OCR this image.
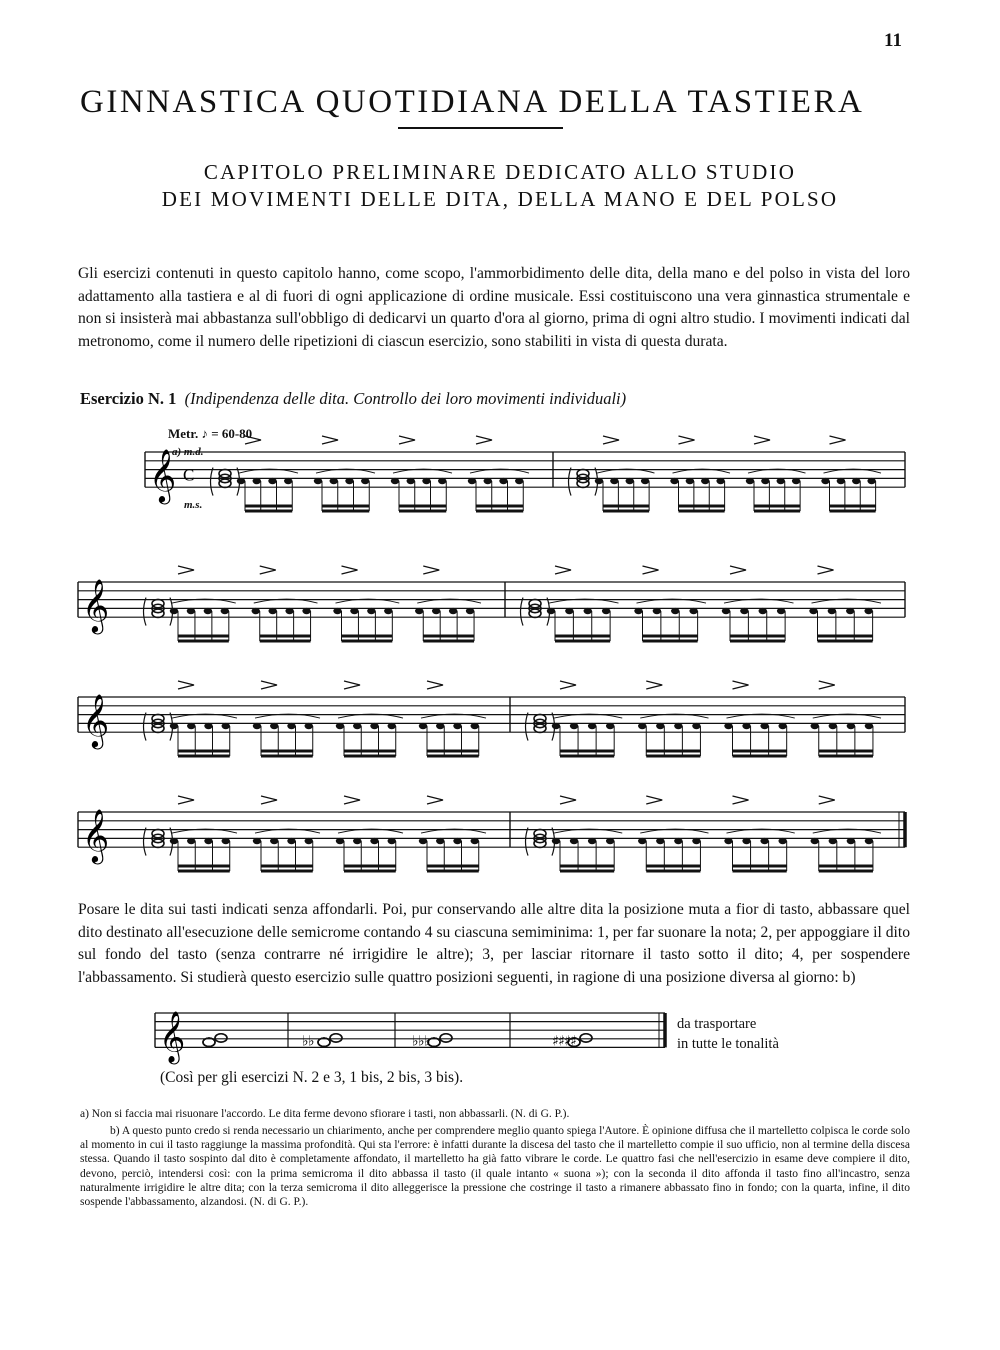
11
GINNASTICA QUOTIDIANA DELLA TASTIERA
CAPITOLO PRELIMINARE DEDICATO ALLO STUDIO
DEI MOVIMENTI DELLE DITA, DELLA MANO E DEL POLSO

Gli esercizi contenuti in questo capitolo hanno, come scopo, l'ammorbidimento delle dita, della mano e del polso in vista del loro adattamento alla tastiera e al di fuori di ogni applicazione di ordine musicale. Essi costituiscono una vera ginnastica strumentale e non si insisterà mai abbastanza sull'obbligo di dedicarvi un quarto d'ora al giorno, prima di ogni altro studio. I movimenti indicati dal metronomo, come il numero delle ripetizioni di ciascun esercizio, sono stabiliti in vista di questa durata.

Esercizio N. 1 (Indipendenza delle dita. Controllo dei loro movimenti individuali)
Metr. ♪ = 60-80
a) m.d.
m.s.
𝄞 C
𝄞
𝄞
𝄞
𝄞	♭ ♭	♭ ♭ ♭	♯ ♯ ♯ ♯

Posare le dita sui tasti indicati senza affondarli. Poi, pur conservando alle altre dita la posizione muta a fior di tasto, abbassare quel dito destinato all'esecuzione delle semicrome contando 4 su ciascuna semiminima: 1, per far suonare la nota; 2, per appoggiare il dito sul fondo del tasto (senza contrarre né irrigidire le altre); 3, per lasciar ritornare il tasto sotto il dito; 4, per sospendere l'abbassamento. Si studierà questo esercizio sulle quattro posizioni seguenti, in ragione di una posizione diversa al giorno: b)

da trasportare
in tutte le tonalità
(Così per gli esercizi N. 2 e 3, 1 bis, 2 bis, 3 bis).

a) Non si faccia mai risuonare l'accordo. Le dita ferme devono sfiorare i tasti, non abbassarli. (N. di G. P.).

b) A questo punto credo si renda necessario un chiarimento, anche per comprendere meglio quanto spiega l'Autore. È opinione diffusa che il martelletto colpisca le corde solo al momento in cui il tasto raggiunge la massima profondità. Qui sta l'errore: è infatti durante la discesa del tasto che il martelletto compie il suo ufficio, non al termine della discesa stessa. Quando il tasto sospinto dal dito è completamente affondato, il martelletto ha già fatto vibrare le corde. Le quattro fasi che nell'esercizio in esame deve compiere il dito, devono, perciò, intendersi così: con la prima semicroma il dito abbassa il tasto (il quale intanto « suona »); con la seconda il dito affonda il tasto fino all'incastro, senza naturalmente irrigidire le altre dita; con la terza semicroma il dito alleggerisce la pressione che costringe il tasto a rimanere abbassato fino in fondo; con la quarta, infine, il dito sospende l'abbassamento, alzandosi. (N. di G. P.).
